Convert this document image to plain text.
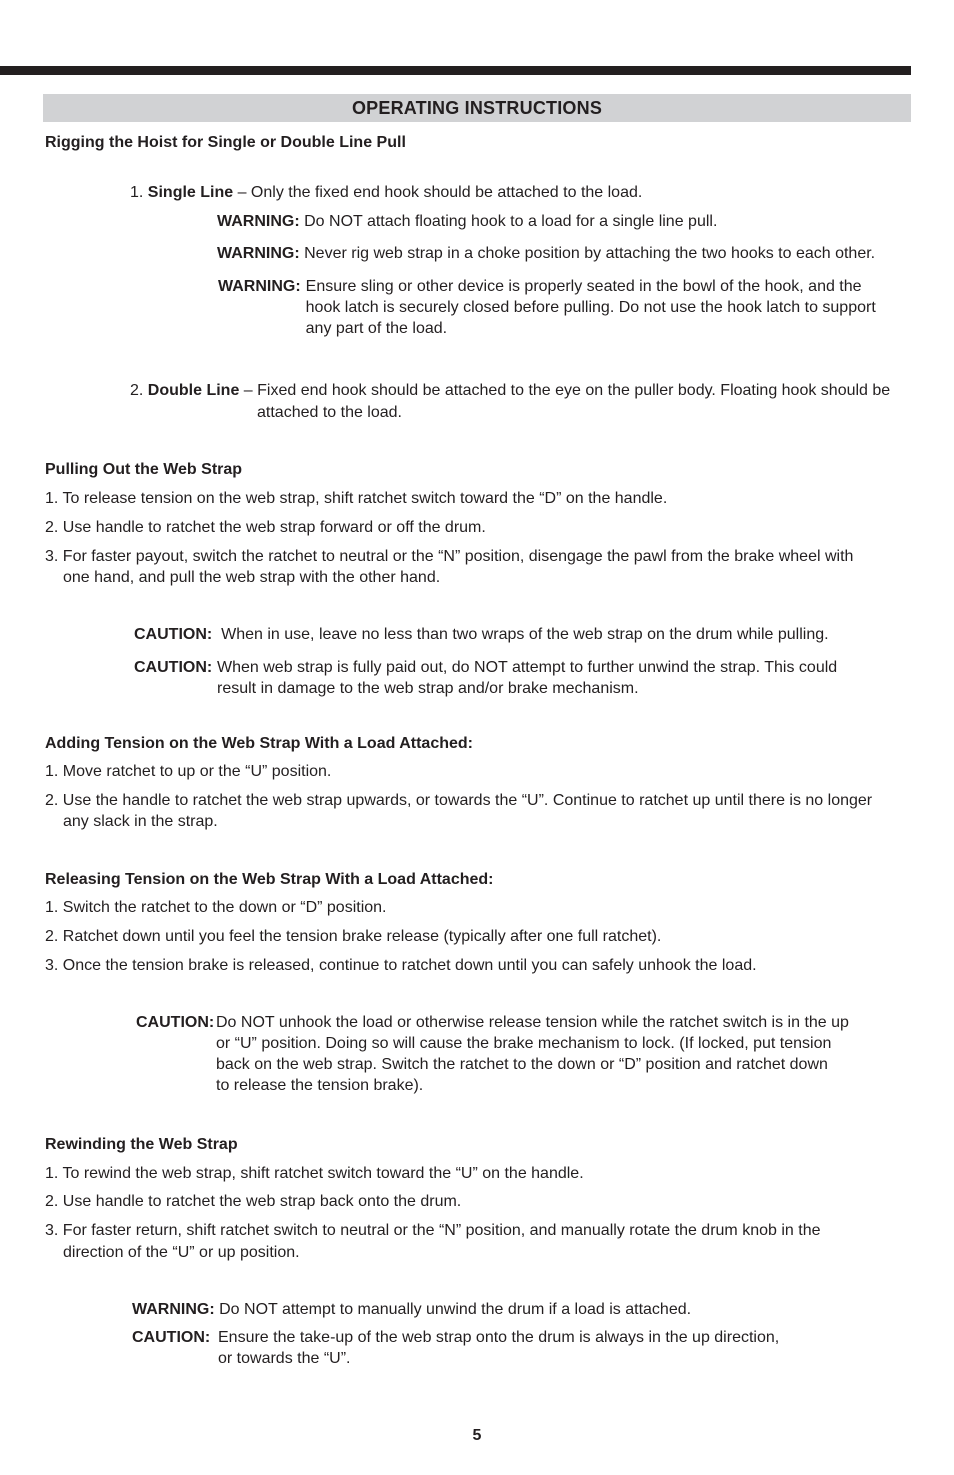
OPERATING INSTRUCTIONS
Rigging the Hoist for Single or Double Line Pull
1. Single Line – Only the fixed end hook should be attached to the load.
WARNING: Do NOT attach floating hook to a load for a single line pull.
WARNING: Never rig web strap in a choke position by attaching the two hooks to each other.
WARNING: Ensure sling or other device is properly seated in the bowl of the hook, and the
hook latch is securely closed before pulling. Do not use the hook latch to support
any part of the load.
2. Double Line – Fixed end hook should be attached to the eye on the puller body. Floating hook should be
attached to the load.
Pulling Out the Web Strap
1. To release tension on the web strap, shift ratchet switch toward the “D” on the handle.
2. Use handle to ratchet the web strap forward or off the drum.
3. For faster payout, switch the ratchet to neutral or the “N” position, disengage the pawl from the brake wheel with
one hand, and pull the web strap with the other hand.
CAUTION: When in use, leave no less than two wraps of the web strap on the drum while pulling.
CAUTION: When web strap is fully paid out, do NOT attempt to further unwind the strap. This could
result in damage to the web strap and/or brake mechanism.
Adding Tension on the Web Strap With a Load Attached:
1. Move ratchet to up or the “U” position.
2. Use the handle to ratchet the web strap upwards, or towards the “U”. Continue to ratchet up until there is no longer
any slack in the strap.
Releasing Tension on the Web Strap With a Load Attached:
1. Switch the ratchet to the down or “D” position.
2. Ratchet down until you feel the tension brake release (typically after one full ratchet).
3. Once the tension brake is released, continue to ratchet down until you can safely unhook the load.
CAUTION: Do NOT unhook the load or otherwise release tension while the ratchet switch is in the up
or “U” position. Doing so will cause the brake mechanism to lock. (If locked, put tension
back on the web strap. Switch the ratchet to the down or “D” position and ratchet down
to release the tension brake).
Rewinding the Web Strap
1. To rewind the web strap, shift ratchet switch toward the “U” on the handle.
2. Use handle to ratchet the web strap back onto the drum.
3. For faster return, shift ratchet switch to neutral or the “N” position, and manually rotate the drum knob in the
direction of the “U” or up position.
WARNING: Do NOT attempt to manually unwind the drum if a load is attached.
CAUTION: Ensure the take-up of the web strap onto the drum is always in the up direction,
or towards the “U”.
5
